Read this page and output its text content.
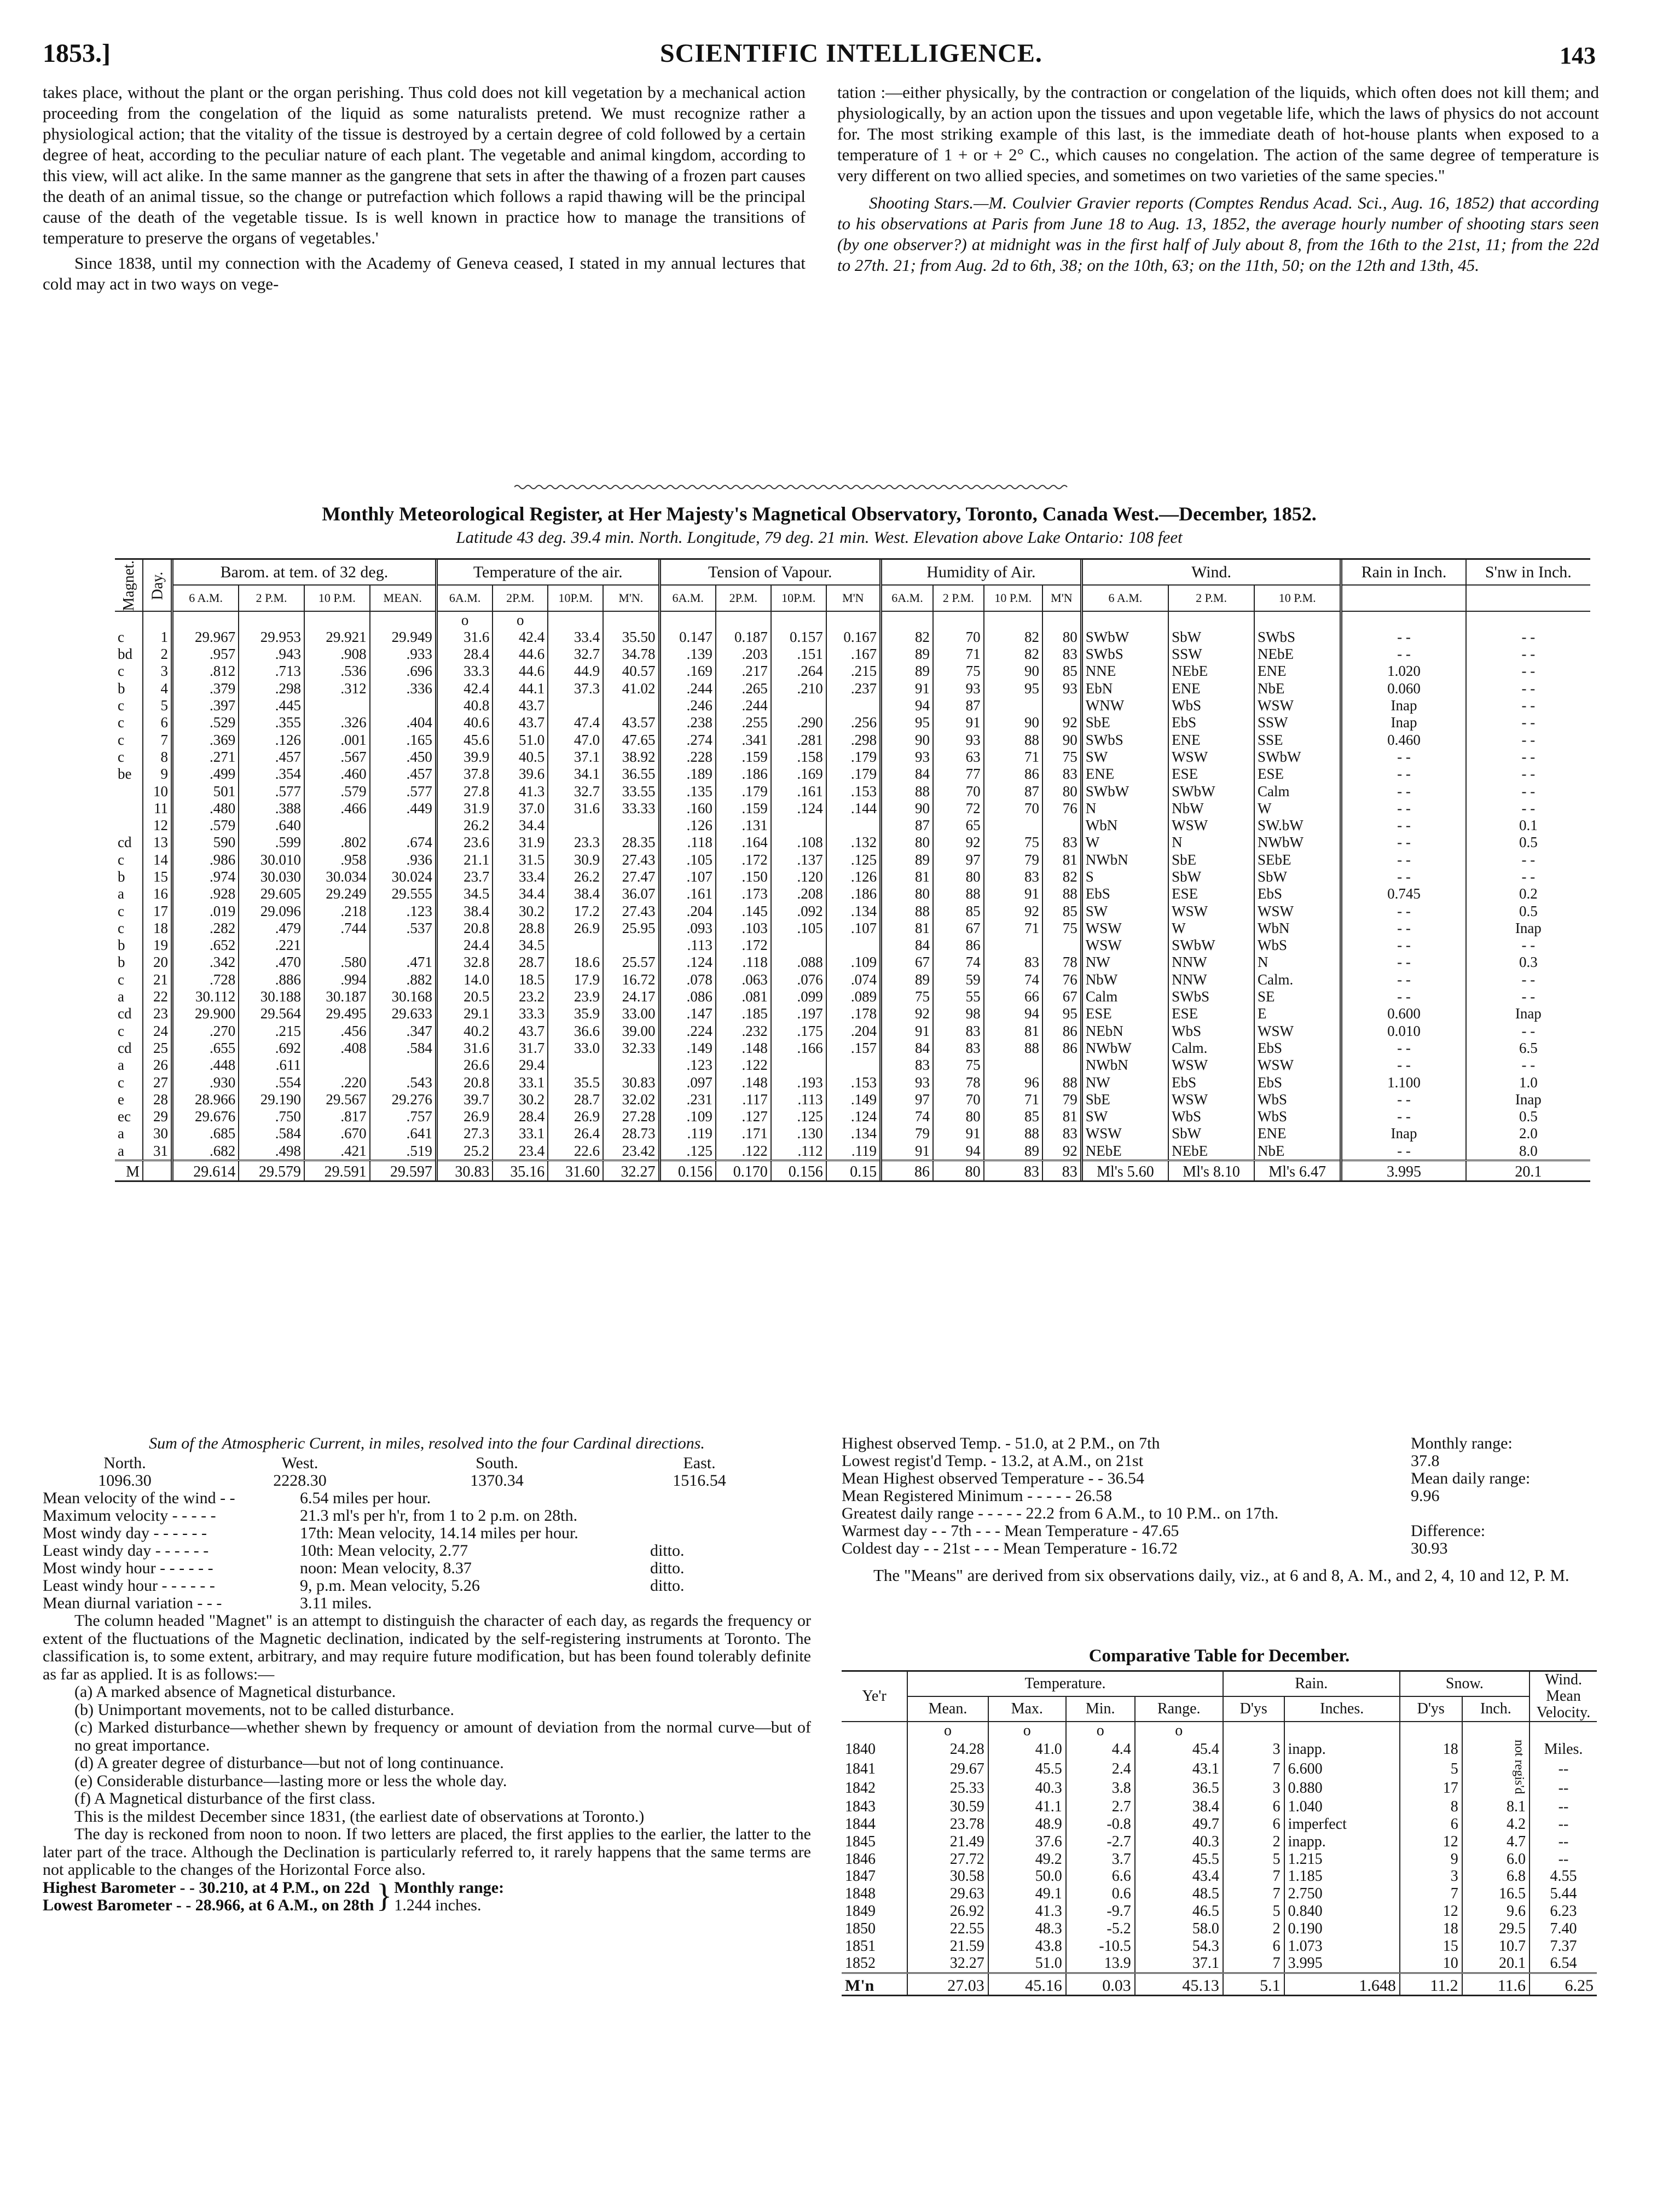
1853.]	SCIENTIFIC INTELLIGENCE.	143

takes place, without the plant or the organ perishing. Thus cold does not kill vegetation by a mechanical action proceeding from the congelation of the liquid as some naturalists pretend. We must recognize rather a physiological action; that the vitality of the tissue is destroyed by a certain degree of cold followed by a certain degree of heat, according to the peculiar nature of each plant. The vegetable and animal kingdom, according to this view, will act alike. In the same manner as the gangrene that sets in after the thawing of a frozen part causes the death of an animal tissue, so the change or putrefaction which follows a rapid thawing will be the principal cause of the death of the vegetable tissue. Is is well known in practice how to manage the transitions of temperature to preserve the organs of vegetables.'

Since 1838, until my connection with the Academy of Geneva ceased, I stated in my annual lectures that cold may act in two ways on vege-

tation :—either physically, by the contraction or congelation of the liquids, which often does not kill them; and physiologically, by an action upon the tissues and upon vegetable life, which the laws of physics do not account for. The most striking example of this last, is the immediate death of hot-house plants when exposed to a temperature of 1 + or + 2° C., which causes no congelation. The action of the same degree of temperature is very different on two allied species, and sometimes on two varieties of the same species."

Shooting Stars.—M. Coulvier Gravier reports (Comptes Rendus Acad. Sci., Aug. 16, 1852) that according to his observations at Paris from June 18 to Aug. 13, 1852, the average hourly number of shooting stars seen (by one observer?) at midnight was in the first half of July about 8, from the 16th to the 21st, 11; from the 22d to 27th. 21; from Aug. 2d to 6th, 38; on the 10th, 63; on the 11th, 50; on the 12th and 13th, 45.

Monthly Meteorological Register, at Her Majesty's Magnetical Observatory, Toronto, Canada West.—December, 1852.
Latitude 43 deg. 39.4 min. North. Longitude, 79 deg. 21 min. West. Elevation above Lake Ontario: 108 feet
Magnet.	Day.	Barom. at tem. of 32 deg.				Temperature of the air.				Tension of Vapour.				Humidity of Air.				Wind.			Rain in Inch.	S'nw in Inch.
		6 A.M.	2 P.M.	10 P.M.	MEAN.	6A.M.	2P.M.	10P.M.	M'N.	6A.M.	2P.M.	10P.M.	M'N	6A.M.	2 P.M.	10 P.M.	M'N	6 A.M.	2 P.M.	10 P.M.		
						o	o															
c	1	29.967	29.953	29.921	29.949	31.6	42.4	33.4	35.50	0.147	0.187	0.157	0.167	82	70	82	80	SWbW	SbW	SWbS	- -	- -
bd	2	.957	.943	.908	.933	28.4	44.6	32.7	34.78	.139	.203	.151	.167	89	71	82	83	SWbS	SSW	NEbE	- -	- -
c	3	.812	.713	.536	.696	33.3	44.6	44.9	40.57	.169	.217	.264	.215	89	75	90	85	NNE	NEbE	ENE	1.020	- -
b	4	.379	.298	.312	.336	42.4	44.1	37.3	41.02	.244	.265	.210	.237	91	93	95	93	EbN	ENE	NbE	0.060	- -
c	5	.397	.445			40.8	43.7			.246	.244			94	87			WNW	WbS	WSW	Inap	- -
c	6	.529	.355	.326	.404	40.6	43.7	47.4	43.57	.238	.255	.290	.256	95	91	90	92	SbE	EbS	SSW	Inap	- -
c	7	.369	.126	.001	.165	45.6	51.0	47.0	47.65	.274	.341	.281	.298	90	93	88	90	SWbS	ENE	SSE	0.460	- -
c	8	.271	.457	.567	.450	39.9	40.5	37.1	38.92	.228	.159	.158	.179	93	63	71	75	SW	WSW	SWbW	- -	- -
be	9	.499	.354	.460	.457	37.8	39.6	34.1	36.55	.189	.186	.169	.179	84	77	86	83	ENE	ESE	ESE	- -	- -
	10	501	.577	.579	.577	27.8	41.3	32.7	33.55	.135	.179	.161	.153	88	70	87	80	SWbW	SWbW	Calm	- -	- -
	11	.480	.388	.466	.449	31.9	37.0	31.6	33.33	.160	.159	.124	.144	90	72	70	76	N	NbW	W	- -	- -
	12	.579	.640			26.2	34.4			.126	.131			87	65			WbN	WSW	SW.bW	- -	0.1
cd	13	590	.599	.802	.674	23.6	31.9	23.3	28.35	.118	.164	.108	.132	80	92	75	83	W	N	NWbW	- -	0.5
c	14	.986	30.010	.958	.936	21.1	31.5	30.9	27.43	.105	.172	.137	.125	89	97	79	81	NWbN	SbE	SEbE	- -	- -
b	15	.974	30.030	30.034	30.024	23.7	33.4	26.2	27.47	.107	.150	.120	.126	81	80	83	82	S	SbW	SbW	- -	- -
a	16	.928	29.605	29.249	29.555	34.5	34.4	38.4	36.07	.161	.173	.208	.186	80	88	91	88	EbS	ESE	EbS	0.745	0.2
c	17	.019	29.096	.218	.123	38.4	30.2	17.2	27.43	.204	.145	.092	.134	88	85	92	85	SW	WSW	WSW	- -	0.5
c	18	.282	.479	.744	.537	20.8	28.8	26.9	25.95	.093	.103	.105	.107	81	67	71	75	WSW	W	WbN	- -	Inap
b	19	.652	.221			24.4	34.5			.113	.172			84	86			WSW	SWbW	WbS	- -	- -
b	20	.342	.470	.580	.471	32.8	28.7	18.6	25.57	.124	.118	.088	.109	67	74	83	78	NW	NNW	N	- -	0.3
c	21	.728	.886	.994	.882	14.0	18.5	17.9	16.72	.078	.063	.076	.074	89	59	74	76	NbW	NNW	Calm.	- -	- -
a	22	30.112	30.188	30.187	30.168	20.5	23.2	23.9	24.17	.086	.081	.099	.089	75	55	66	67	Calm	SWbS	SE	- -	- -
cd	23	29.900	29.564	29.495	29.633	29.1	33.3	35.9	33.00	.147	.185	.197	.178	92	98	94	95	ESE	ESE	E	0.600	Inap
c	24	.270	.215	.456	.347	40.2	43.7	36.6	39.00	.224	.232	.175	.204	91	83	81	86	NEbN	WbS	WSW	0.010	- -
cd	25	.655	.692	.408	.584	31.6	31.7	33.0	32.33	.149	.148	.166	.157	84	83	88	86	NWbW	Calm.	EbS	- -	6.5
a	26	.448	.611			26.6	29.4			.123	.122			83	75			NWbN	WSW	WSW	- -	- -
c	27	.930	.554	.220	.543	20.8	33.1	35.5	30.83	.097	.148	.193	.153	93	78	96	88	NW	EbS	EbS	1.100	1.0
e	28	28.966	29.190	29.567	29.276	39.7	30.2	28.7	32.02	.231	.117	.113	.149	97	70	71	79	SbE	WSW	WbS	- -	Inap
ec	29	29.676	.750	.817	.757	26.9	28.4	26.9	27.28	.109	.127	.125	.124	74	80	85	81	SW	WbS	WbS	- -	0.5
a	30	.685	.584	.670	.641	27.3	33.1	26.4	28.73	.119	.171	.130	.134	79	91	88	83	WSW	SbW	ENE	Inap	2.0
a	31	.682	.498	.421	.519	25.2	23.4	22.6	23.42	.125	.122	.112	.119	91	94	89	92	NEbE	NEbE	NbE	- -	8.0
M		29.614	29.579	29.591	29.597	30.83	35.16	31.60	32.27	0.156	0.170	0.156	0.15	86	80	83	83	Ml's 5.60	Ml's 8.10	Ml's 6.47	3.995	20.1
Sum of the Atmospheric Current, in miles, resolved into the four Cardinal directions.
North.	West.	South.	East.
1096.30	2228.30	1370.34	1516.54
Mean velocity of the wind - -	6.54 miles per hour.
Maximum velocity - - - - -	21.3 ml's per h'r, from 1 to 2 p.m. on 28th.
Most windy day - - - - - -	17th: Mean velocity, 14.14 miles per hour.
Least windy day - - - - - -	10th: Mean velocity, 2.77	ditto.
Most windy hour - - - - - -	noon: Mean velocity, 8.37	ditto.
Least windy hour - - - - - -	9, p.m. Mean velocity, 5.26	ditto.
Mean diurnal variation - - -	3.11 miles.

The column headed "Magnet" is an attempt to distinguish the character of each day, as regards the frequency or extent of the fluctuations of the Magnetic declination, indicated by the self-registering instruments at Toronto. The classification is, to some extent, arbitrary, and may require future modification, but has been found tolerably definite as far as applied. It is as follows:—

(a) A marked absence of Magnetical disturbance.

(b) Unimportant movements, not to be called disturbance.

(c) Marked disturbance—whether shewn by frequency or amount of deviation from the normal curve—but of no great importance.

(d) A greater degree of disturbance—but not of long continuance.

(e) Considerable disturbance—lasting more or less the whole day.

(f) A Magnetical disturbance of the first class.

This is the mildest December since 1831, (the earliest date of observations at Toronto.)

The day is reckoned from noon to noon. If two letters are placed, the first applies to the earlier, the latter to the later part of the trace. Although the Declination is particularly referred to, it rarely happens that the same terms are not applicable to the changes of the Horizontal Force also.

Highest Barometer - - 30.210, at 4 P.M., on 22d
Lowest Barometer - - 28.966, at 6 A.M., on 28th } Monthly range:
1.244 inches.
Highest observed Temp. - 51.0, at 2 P.M., on 7th	Monthly range:
Lowest regist'd Temp. - 13.2, at A.M., on 21st	37.8
Mean Highest observed Temperature - - 36.54	Mean daily range:
Mean Registered Minimum - - - - - 26.58	9.96
Greatest daily range - - - - - 22.2 from 6 A.M., to 10 P.M.. on 17th.
Warmest day - - 7th - - - Mean Temperature - 47.65	Difference:
Coldest day - - 21st - - - Mean Temperature - 16.72	30.93
The "Means" are derived from six observations daily, viz., at 6 and 8, A. M., and 2, 4, 10 and 12, P. M.
Comparative Table for December.
Ye'r	Temperature.				Rain.		Snow.		Wind. Mean Velocity.
	Mean.	Max.	Min.	Range.	D'ys	Inches.	D'ys	Inch.	
	o	o	o	o					
1840	24.28	41.0	4.4	45.4	3	inapp.	18	not regis'd	Miles.
1841	29.67	45.5	2.4	43.1	7	6.600	5		--
1842	25.33	40.3	3.8	36.5	3	0.880	17		--
1843	30.59	41.1	2.7	38.4	6	1.040	8	8.1	--
1844	23.78	48.9	-0.8	49.7	6	imperfect	6	4.2	--
1845	21.49	37.6	-2.7	40.3	2	inapp.	12	4.7	--
1846	27.72	49.2	3.7	45.5	5	1.215	9	6.0	--
1847	30.58	50.0	6.6	43.4	7	1.185	3	6.8	4.55
1848	29.63	49.1	0.6	48.5	7	2.750	7	16.5	5.44
1849	26.92	41.3	-9.7	46.5	5	0.840	12	9.6	6.23
1850	22.55	48.3	-5.2	58.0	2	0.190	18	29.5	7.40
1851	21.59	43.8	-10.5	54.3	6	1.073	15	10.7	7.37
1852	32.27	51.0	13.9	37.1	7	3.995	10	20.1	6.54
M'n	27.03	45.16	0.03	45.13	5.1	1.648	11.2	11.6	6.25
